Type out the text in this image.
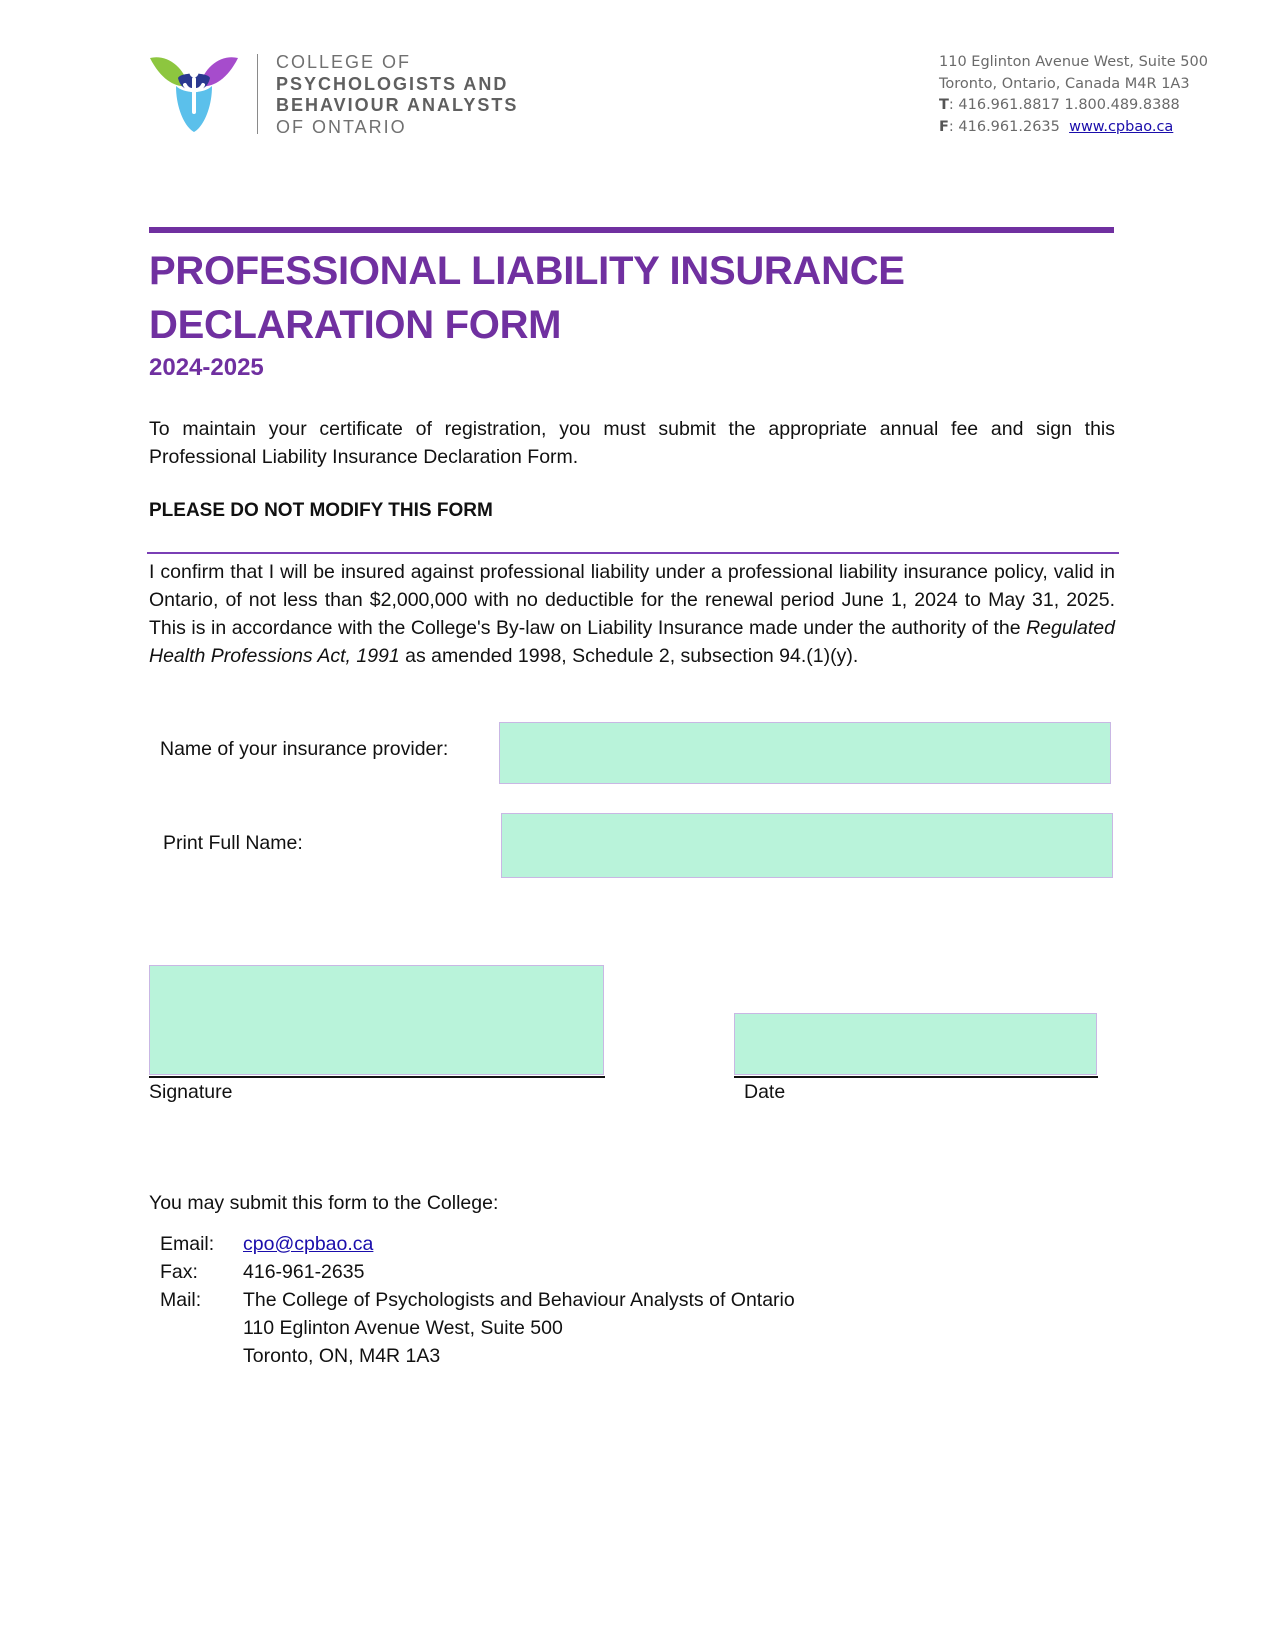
COLLEGE OF
PSYCHOLOGISTS AND
BEHAVIOUR ANALYSTS
OF ONTARIO
110 Eglinton Avenue West, Suite 500
Toronto, Ontario, Canada M4R 1A3
T: 416.961.8817 1.800.489.8388
F: 416.961.2635 www.cpbao.ca
PROFESSIONAL LIABILITY INSURANCE
DECLARATION FORM
2024-2025
To maintain your certificate of registration, you must submit the appropriate annual fee and sign this Professional Liability Insurance Declaration Form.
PLEASE DO NOT MODIFY THIS FORM
I confirm that I will be insured against professional liability under a professional liability insurance policy, valid in Ontario, of not less than $2,000,000 with no deductible for the renewal period June 1, 2024 to May 31, 2025. This is in accordance with the College's By-law on Liability Insurance made under the authority of the Regulated Health Professions Act, 1991 as amended 1998, Schedule 2, subsection 94.(1)(y).
Name of your insurance provider:
Print Full Name:
Signature	Date
You may submit this form to the College:
Email:	cpo@cpbao.ca
Fax:	416-961-2635
Mail:	The College of Psychologists and Behaviour Analysts of Ontario
110 Eglinton Avenue West, Suite 500
Toronto, ON, M4R 1A3
